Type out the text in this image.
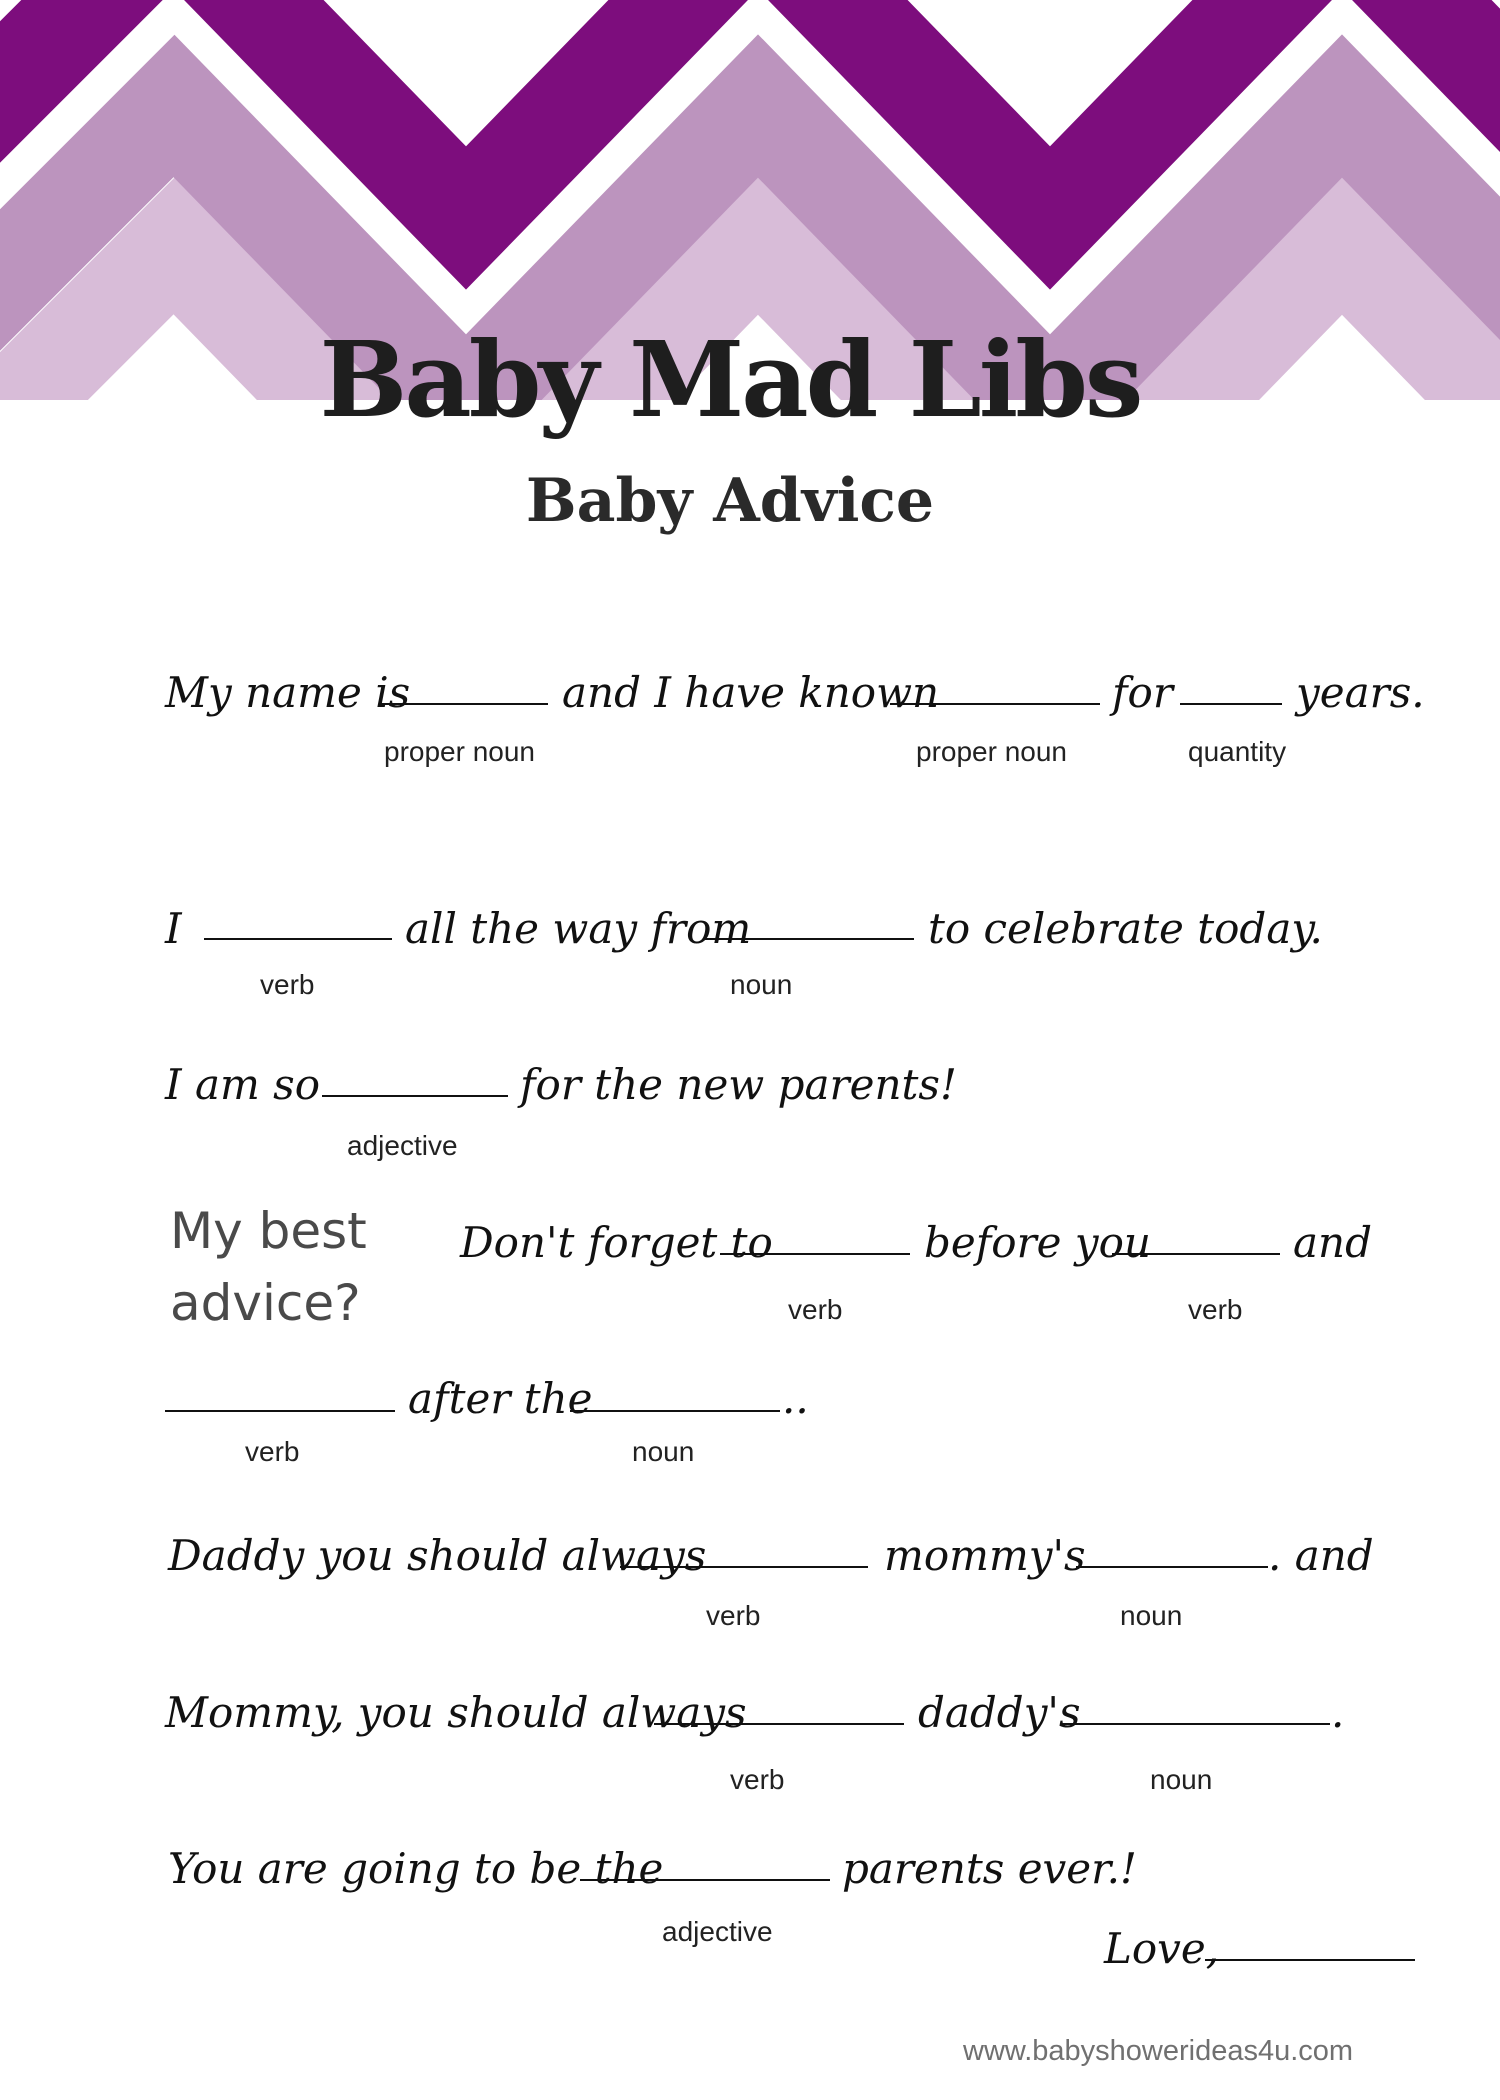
Baby Mad Libs
Baby Advice
My name is	and I have known	for	years.
proper noun	proper noun	quantity
I	all the way from	to celebrate today.
verb	noun
I am so	for the new parents!
adjective
My best advice?
Don't forget to	before you	and
verb	verb
after the	..
verb	noun
Daddy you should always	mommy's	. and
verb	noun
Mommy, you should always	daddy's	.
verb	noun
You are going to be the	parents ever.!
adjective	Love,
www.babyshowerideas4u.com
